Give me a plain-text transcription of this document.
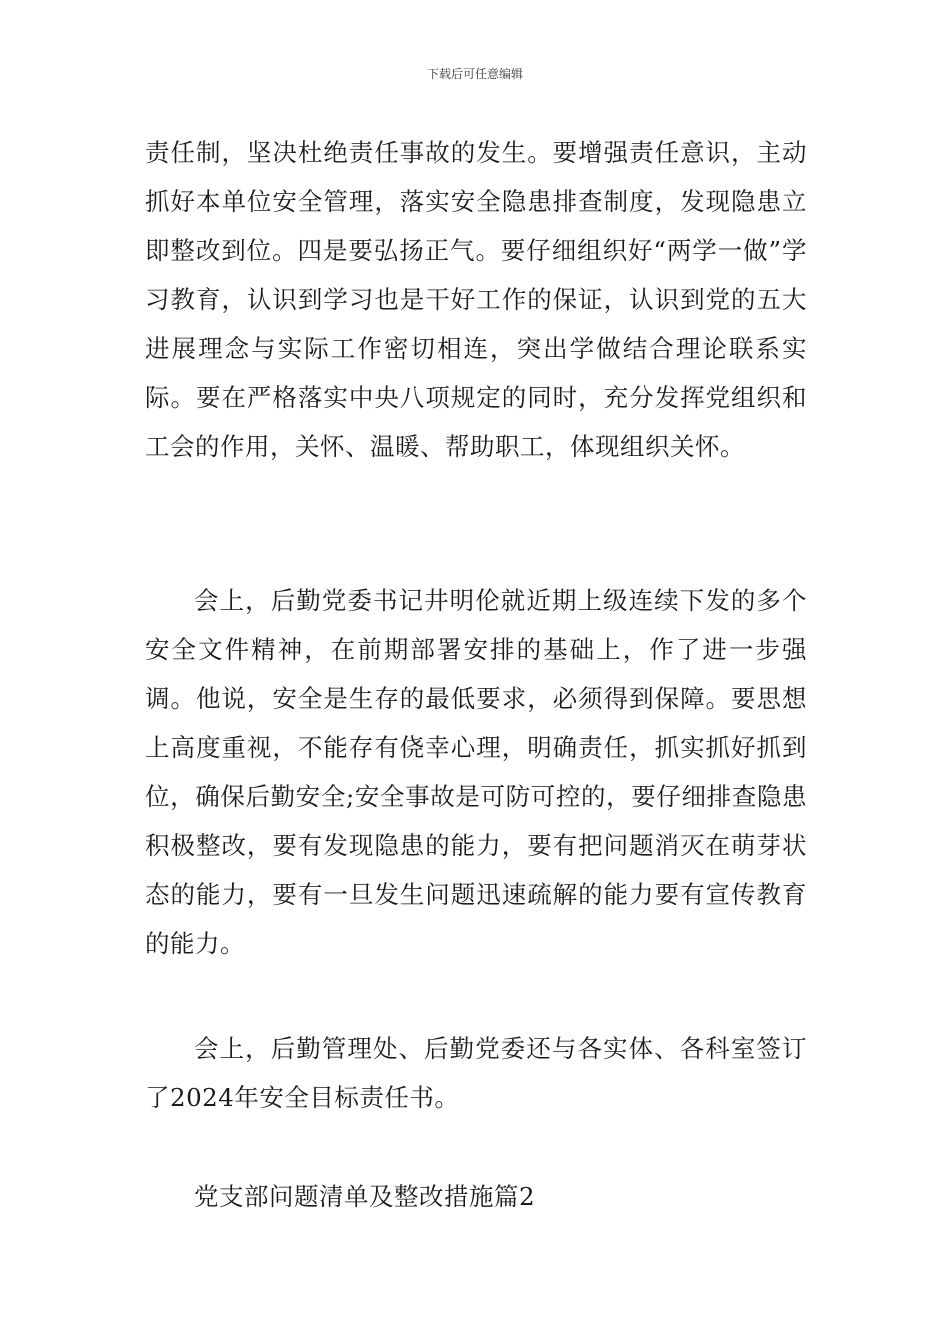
下载后可任意编辑

责任制，坚决杜绝责任事故的发生。要增强责任意识，主动抓好本单位安全管理，落实安全隐患排查制度，发现隐患立即整改到位。四是要弘扬正气。要仔细组织好“两学一做”学习教育，认识到学习也是干好工作的保证，认识到党的五大进展理念与实际工作密切相连，突出学做结合理论联系实际。要在严格落实中央八项规定的同时，充分发挥党组织和工会的作用，关怀、温暖、帮助职工，体现组织关怀。

会上，后勤党委书记井明伦就近期上级连续下发的多个安全文件精神，在前期部署安排的基础上，作了进一步强调。他说，安全是生存的最低要求，必须得到保障。要思想上高度重视，不能存有侥幸心理，明确责任，抓实抓好抓到位，确保后勤安全;安全事故是可防可控的，要仔细排查隐患积极整改，要有发现隐患的能力，要有把问题消灭在萌芽状态的能力，要有一旦发生问题迅速疏解的能力要有宣传教育的能力。

会上，后勤管理处、后勤党委还与各实体、各科室签订了2024年安全目标责任书。

党支部问题清单及整改措施篇2
